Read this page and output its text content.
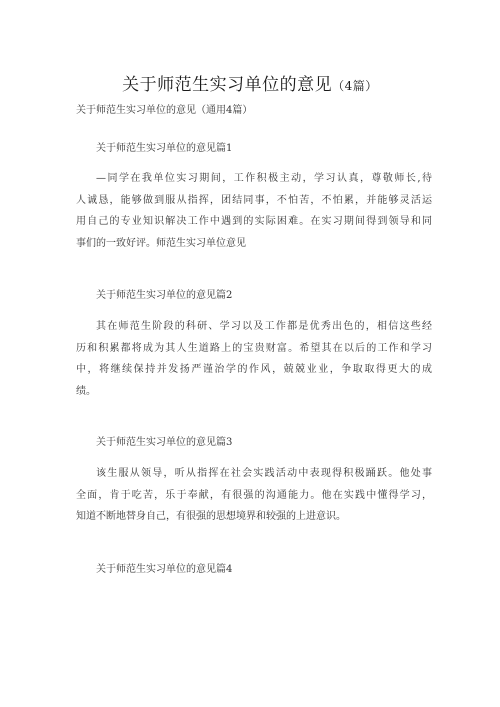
关于师范生实习单位的意见（4篇）
关于师范生实习单位的意见（通用4篇）
关于师范生实习单位的意见篇1

—同学在我单位实习期间，工作积极主动，学习认真，尊敬师长,待

人诚恳，能够做到服从指挥，团结同事，不怕苦，不怕累，并能够灵活运

用自己的专业知识解决工作中遇到的实际困难。在实习期间得到领导和同

事们的一致好评。师范生实习单位意见

关于师范生实习单位的意见篇2

其在师范生阶段的科研、学习以及工作都是优秀出色的，相信这些经

历和积累都将成为其人生道路上的宝贵财富。希望其在以后的工作和学习

中，将继续保持并发扬严谨治学的作风，兢兢业业，争取取得更大的成

绩。

关于师范生实习单位的意见篇3

该生服从领导，听从指挥在社会实践活动中表现得积极踊跃。他处事

全面，肯于吃苦，乐于奉献，有很强的沟通能力。他在实践中懂得学习，

知道不断地替身自己，有很强的思想境界和较强的上进意识。

关于师范生实习单位的意见篇4
